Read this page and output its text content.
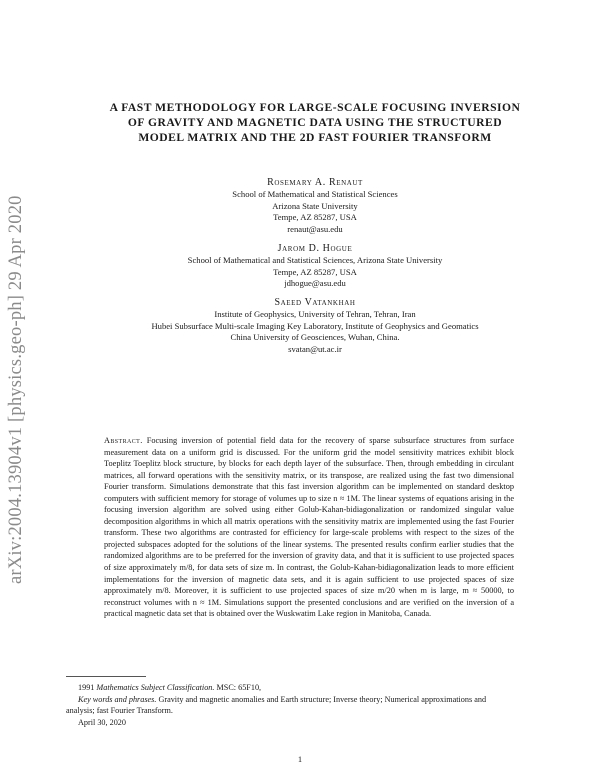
arXiv:2004.13904v1 [physics.geo-ph] 29 Apr 2020
A FAST METHODOLOGY FOR LARGE-SCALE FOCUSING INVERSION
OF GRAVITY AND MAGNETIC DATA USING THE STRUCTURED
MODEL MATRIX AND THE 2D FAST FOURIER TRANSFORM
Rosemary A. Renaut
School of Mathematical and Statistical Sciences
Arizona State University
Tempe, AZ 85287, USA
renaut@asu.edu
Jarom D. Hogue
School of Mathematical and Statistical Sciences, Arizona State University
Tempe, AZ 85287, USA
jdhogue@asu.edu
Saeed Vatankhah
Institute of Geophysics, University of Tehran, Tehran, Iran
Hubei Subsurface Multi-scale Imaging Key Laboratory, Institute of Geophysics and Geomatics
China University of Geosciences, Wuhan, China.
svatan@ut.ac.ir
Abstract. Focusing inversion of potential field data for the recovery of sparse subsurface structures from surface measurement data on a uniform grid is discussed. For the uniform grid the model sensitivity matrices exhibit block Toeplitz Toeplitz block structure, by blocks for each depth layer of the subsurface. Then, through embedding in circulant matrices, all forward operations with the sensitivity matrix, or its transpose, are realized using the fast two dimensional Fourier transform. Simulations demonstrate that this fast inversion algorithm can be implemented on standard desktop computers with sufficient memory for storage of volumes up to size n ≈ 1M. The linear systems of equations arising in the focusing inversion algorithm are solved using either Golub-Kahan-bidiagonalization or randomized singular value decomposition algorithms in which all matrix operations with the sensitivity matrix are implemented using the fast Fourier transform. These two algorithms are contrasted for efficiency for large-scale problems with respect to the sizes of the projected subspaces adopted for the solutions of the linear systems. The presented results confirm earlier studies that the randomized algorithms are to be preferred for the inversion of gravity data, and that it is sufficient to use projected spaces of size approximately m/8, for data sets of size m. In contrast, the Golub-Kahan-bidiagonalization leads to more efficient implementations for the inversion of magnetic data sets, and it is again sufficient to use projected spaces of size approximately m/8. Moreover, it is sufficient to use projected spaces of size m/20 when m is large, m ≈ 50000, to reconstruct volumes with n ≈ 1M. Simulations support the presented conclusions and are verified on the inversion of a practical magnetic data set that is obtained over the Wuskwatim Lake region in Manitoba, Canada.
1991 Mathematics Subject Classification. MSC: 65F10,
Key words and phrases. Gravity and magnetic anomalies and Earth structure; Inverse theory; Numerical approximations and analysis; fast Fourier Transform.
April 30, 2020
1
